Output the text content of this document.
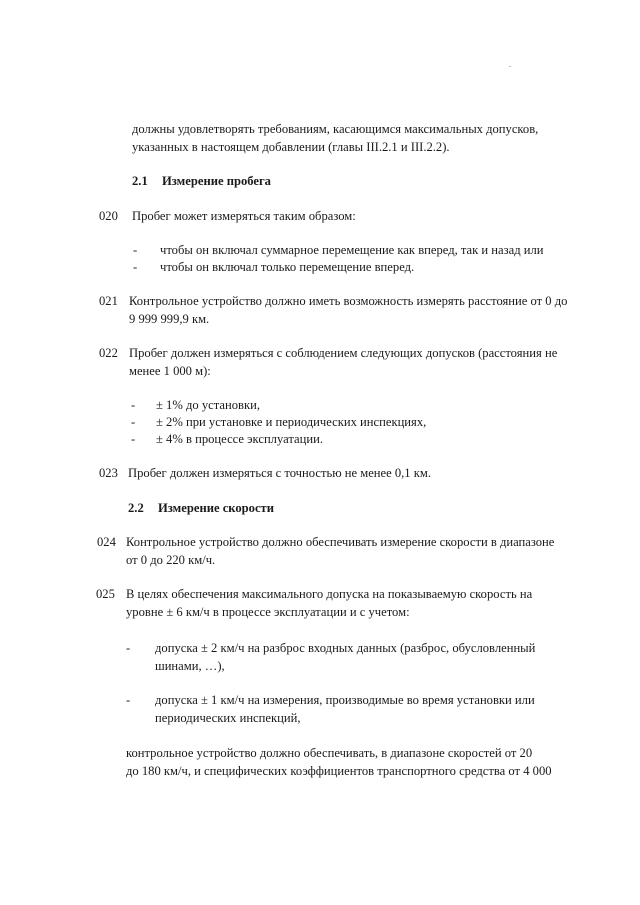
должны удовлетворять требованиям, касающимся максимальных допусков,
указанных в настоящем добавлении (главы III.2.1 и III.2.2).
2.1 Измерение пробега
020 Пробег может измеряться таким образом:
- чтобы он включал суммарное перемещение как вперед, так и назад или
- чтобы он включал только перемещение вперед.
021 Контрольное устройство должно иметь возможность измерять расстояние от 0 до
9 999 999,9 км.
022 Пробег должен измеряться с соблюдением следующих допусков (расстояния не
менее 1 000 м):
- ± 1% до установки,
- ± 2% при установке и периодических инспекциях,
- ± 4% в процессе эксплуатации.
023 Пробег должен измеряться с точностью не менее 0,1 км.
2.2 Измерение скорости
024 Контрольное устройство должно обеспечивать измерение скорости в диапазоне
от 0 до 220 км/ч.
025 В целях обеспечения максимального допуска на показываемую скорость на
уровне ± 6 км/ч в процессе эксплуатации и с учетом:
- допуска ± 2 км/ч на разброс входных данных (разброс, обусловленный
шинами, …),
- допуска ± 1 км/ч на измерения, производимые во время установки или
периодических инспекций,
контрольное устройство должно обеспечивать, в диапазоне скоростей от 20
до 180 км/ч, и специфических коэффициентов транспортного средства от 4 000
